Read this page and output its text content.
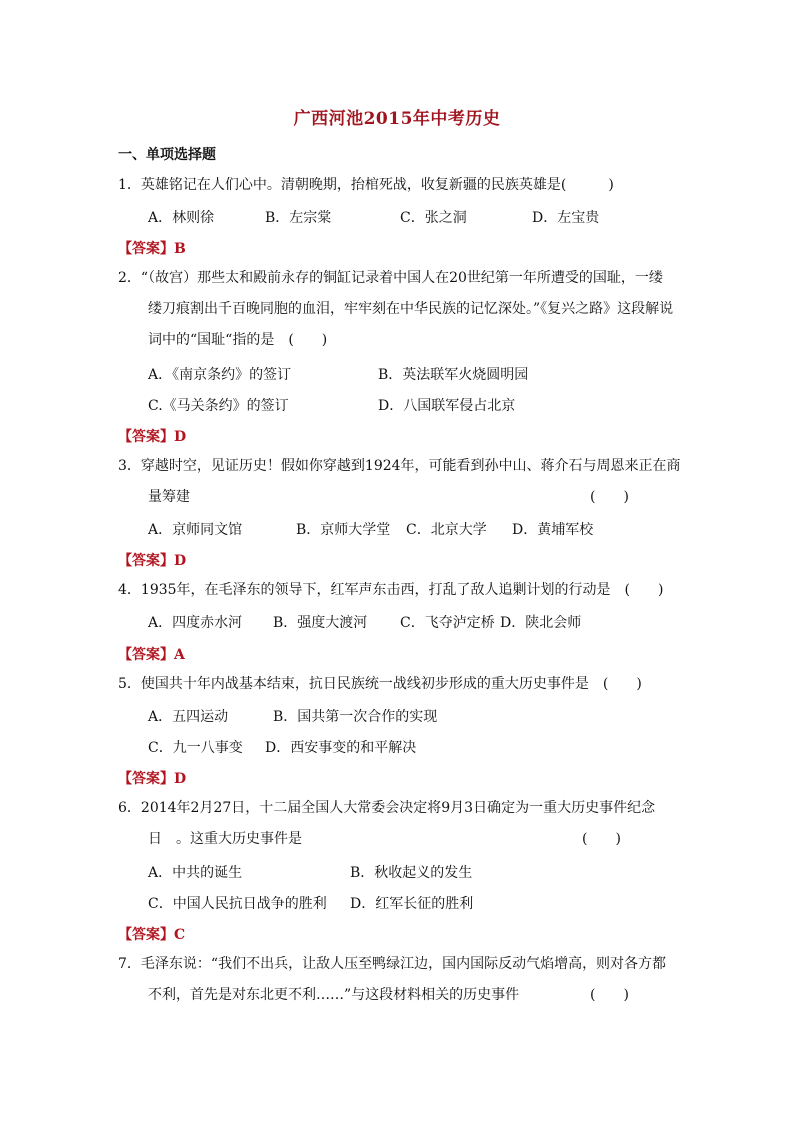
广西河池2015年中考历史
一、单项选择题
1．英雄铭记在人们心中。清朝晚期，抬棺死战，收复新疆的民族英雄是(　　　)
A．林则徐	B．左宗棠	C．张之洞	D．左宝贵
【答案】B
2．“（故宫）那些太和殿前永存的铜缸记录着中国人在20世纪第一年所遭受的国耻，一缕
缕刀痕割出千百晚同胞的血泪，牢牢刻在中华民族的记忆深处。”《复兴之路》这段解说
词中的“国耻“指的是　(　　)
A．《南京条约》的签订	B．英法联军火烧圆明园
C.《马关条约》的签订	D．八国联军侵占北京
【答案】D
3．穿越时空，见证历史！假如你穿越到1924年，可能看到孙中山、蒋介石与周恩来正在商
量筹建	(　　)
A．京师同文馆	B．京师大学堂 C．北京大学 D．黄埔军校
【答案】D
4．1935年，在毛泽东的领导下，红军声东击西，打乱了敌人追剿计划的行动是　(　　)
A．四度赤水河 B．强度大渡河 C．飞夺泸定桥 D．陕北会师
【答案】A
5．使国共十年内战基本结束，抗日民族统一战线初步形成的重大历史事件是　(　　)
A．五四运动	B．国共第一次合作的实现
C．九一八事变 D．西安事变的和平解决
【答案】D
6．2014年2月27日，十二届全国人大常委会决定将9月3日确定为一重大历史事件纪念
日　。这重大历史事件是	(　　)
A．中共的诞生	B．秋收起义的发生
C．中国人民抗日战争的胜利 D．红军长征的胜利
【答案】C
7．毛泽东说：“我们不出兵，让敌人压至鸭绿江边，国内国际反动气焰增高，则对各方都
不利，首先是对东北更不利……”与这段材料相关的历史事件	(　　)
